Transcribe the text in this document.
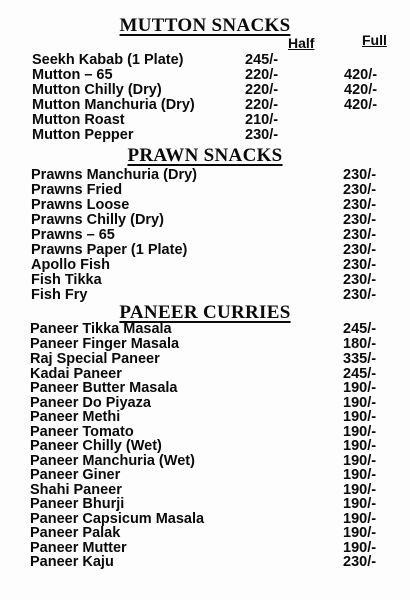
MUTTON SNACKS
Half	Full
Seekh Kabab (1 Plate)	245/-
Mutton – 65	220/-	420/-
Mutton Chilly (Dry)	220/-	420/-
Mutton Manchuria (Dry)	220/-	420/-
Mutton Roast	210/-
Mutton Pepper	230/-
PRAWN SNACKS
Prawns Manchuria (Dry)	230/-
Prawns Fried	230/-
Prawns Loose	230/-
Prawns Chilly (Dry)	230/-
Prawns – 65	230/-
Prawns Paper (1 Plate)	230/-
Apollo Fish	230/-
Fish Tikka	230/-
Fish Fry	230/-
PANEER CURRIES
Paneer Tikka Masala	245/-
Paneer Finger Masala	180/-
Raj Special Paneer	335/-
Kadai Paneer	245/-
Paneer Butter Masala	190/-
Paneer Do Piyaza	190/-
Paneer Methi	190/-
Paneer Tomato	190/-
Paneer Chilly (Wet)	190/-
Paneer Manchuria (Wet)	190/-
Paneer Giner	190/-
Shahi Paneer	190/-
Paneer Bhurji	190/-
Paneer Capsicum Masala	190/-
Paneer Palak	190/-
Paneer Mutter	190/-
Paneer Kaju	230/-
